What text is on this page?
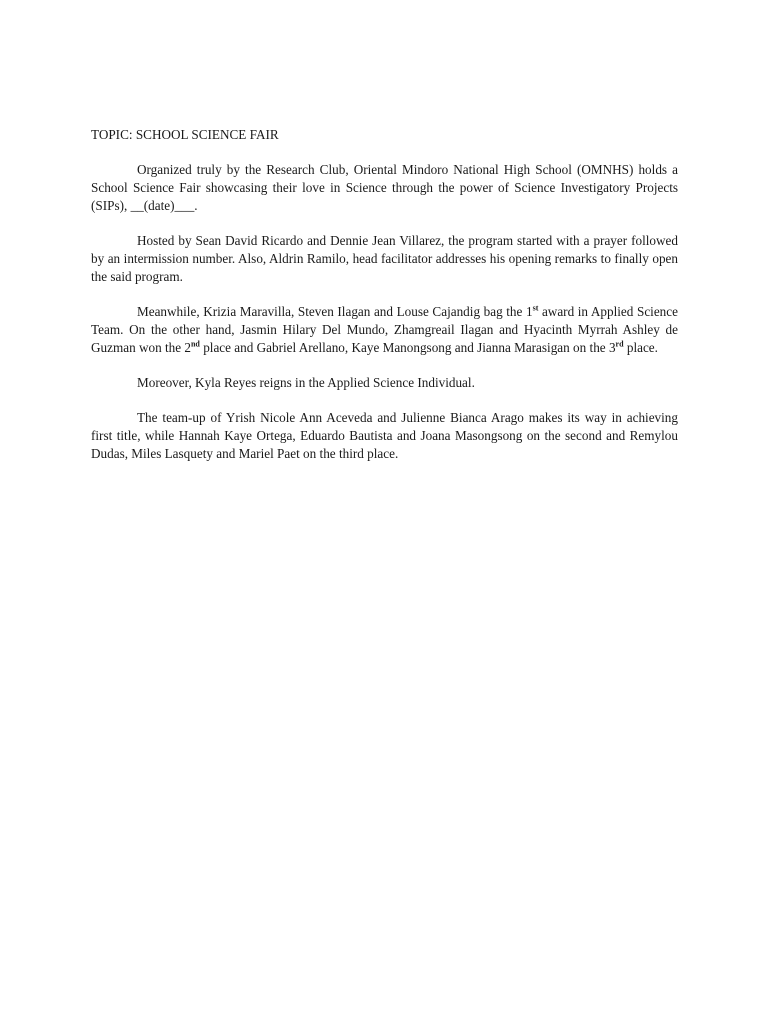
TOPIC: SCHOOL SCIENCE FAIR

Organized truly by the Research Club, Oriental Mindoro National High School (OMNHS) holds a School Science Fair showcasing their love in Science through the power of Science Investigatory Projects (SIPs), __(date)___.

Hosted by Sean David Ricardo and Dennie Jean Villarez, the program started with a prayer followed by an intermission number. Also, Aldrin Ramilo, head facilitator addresses his opening remarks to finally open the said program.

Meanwhile, Krizia Maravilla, Steven Ilagan and Louse Cajandig bag the 1st award in Applied Science Team. On the other hand, Jasmin Hilary Del Mundo, Zhamgreail Ilagan and Hyacinth Myrrah Ashley de Guzman won the 2nd place and Gabriel Arellano, Kaye Manongsong and Jianna Marasigan on the 3rd place.

Moreover, Kyla Reyes reigns in the Applied Science Individual.

The team-up of Yrish Nicole Ann Aceveda and Julienne Bianca Arago makes its way in achieving first title, while Hannah Kaye Ortega, Eduardo Bautista and Joana Masongsong on the second and Remylou Dudas, Miles Lasquety and Mariel Paet on the third place.
